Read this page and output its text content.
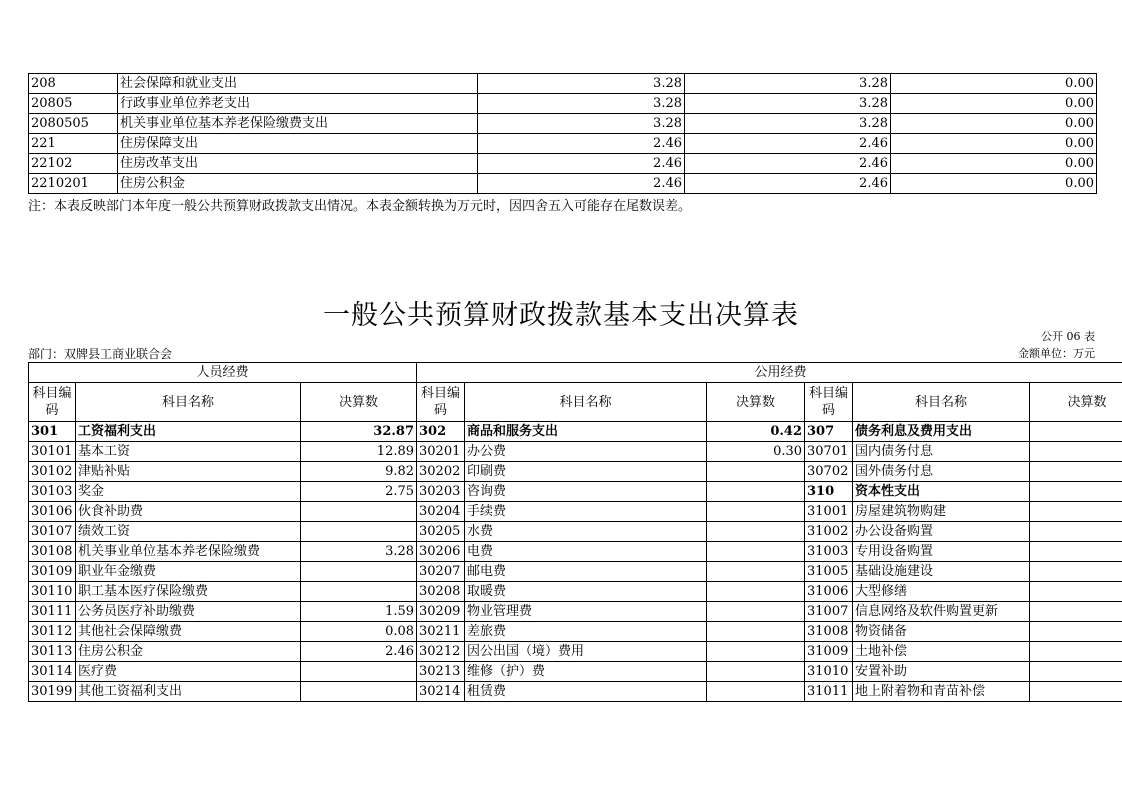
208	社会保障和就业支出	3.28	3.28	0.00
20805	行政事业单位养老支出	3.28	3.28	0.00
2080505	机关事业单位基本养老保险缴费支出	3.28	3.28	0.00
221	住房保障支出	2.46	2.46	0.00
22102	住房改革支出	2.46	2.46	0.00
2210201	住房公积金	2.46	2.46	0.00
注：本表反映部门本年度一般公共预算财政拨款支出情况。本表金额转换为万元时，因四舍五入可能存在尾数误差。
一般公共预算财政拨款基本支出决算表
公开 06 表
部门：双牌县工商业联合会	金额单位：万元
人员经费			公用经费					
科目编码	科目名称	决算数	科目编码	科目名称	决算数	科目编码	科目名称	决算数
301	工资福利支出	32.87	302	商品和服务支出	0.42	307	债务利息及费用支出	
30101	基本工资	12.89	30201	办公费	0.30	30701	国内债务付息	
30102	津贴补贴	9.82	30202	印刷费		30702	国外债务付息	
30103	奖金	2.75	30203	咨询费		310	资本性支出	
30106	伙食补助费		30204	手续费		31001	房屋建筑物购建	
30107	绩效工资		30205	水费		31002	办公设备购置	
30108	机关事业单位基本养老保险缴费	3.28	30206	电费		31003	专用设备购置	
30109	职业年金缴费		30207	邮电费		31005	基础设施建设	
30110	职工基本医疗保险缴费		30208	取暖费		31006	大型修缮	
30111	公务员医疗补助缴费	1.59	30209	物业管理费		31007	信息网络及软件购置更新	
30112	其他社会保障缴费	0.08	30211	差旅费		31008	物资储备	
30113	住房公积金	2.46	30212	因公出国（境）费用		31009	土地补偿	
30114	医疗费		30213	维修（护）费		31010	安置补助	
30199	其他工资福利支出		30214	租赁费		31011	地上附着物和青苗补偿	
